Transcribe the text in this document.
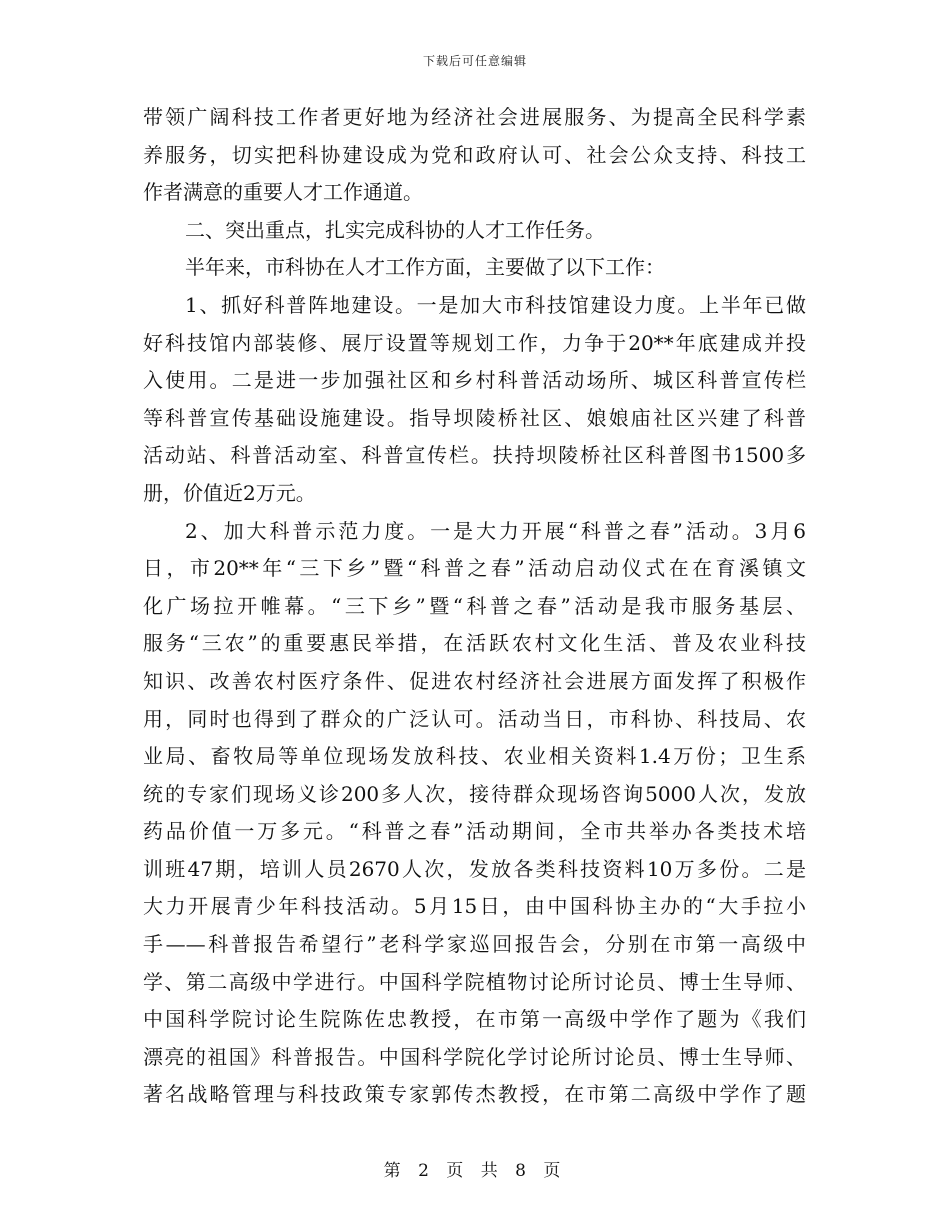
下载后可任意编辑
带领广阔科技工作者更好地为经济社会进展服务、为提高全民科学素
养服务，切实把科协建设成为党和政府认可、社会公众支持、科技工
作者满意的重要人才工作通道。
二、突出重点，扎实完成科协的人才工作任务。
半年来，市科协在人才工作方面，主要做了以下工作：
1、抓好科普阵地建设。一是加大市科技馆建设力度。上半年已做
好科技馆内部装修、展厅设置等规划工作，力争于20**年底建成并投
入使用。二是进一步加强社区和乡村科普活动场所、城区科普宣传栏
等科普宣传基础设施建设。指导坝陵桥社区、娘娘庙社区兴建了科普
活动站、科普活动室、科普宣传栏。扶持坝陵桥社区科普图书1500多
册，价值近2万元。
2、加大科普示范力度。一是大力开展“科普之春”活动。3月6
日，市20**年“三下乡”暨“科普之春”活动启动仪式在在育溪镇文
化广场拉开帷幕。“三下乡”暨“科普之春”活动是我市服务基层、
服务“三农”的重要惠民举措，在活跃农村文化生活、普及农业科技
知识、改善农村医疗条件、促进农村经济社会进展方面发挥了积极作
用，同时也得到了群众的广泛认可。活动当日，市科协、科技局、农
业局、畜牧局等单位现场发放科技、农业相关资料1.4万份；卫生系
统的专家们现场义诊200多人次，接待群众现场咨询5000人次，发放
药品价值一万多元。“科普之春”活动期间，全市共举办各类技术培
训班47期，培训人员2670人次，发放各类科技资料10万多份。二是
大力开展青少年科技活动。5月15日，由中国科协主办的“大手拉小
手——科普报告希望行”老科学家巡回报告会，分别在市第一高级中
学、第二高级中学进行。中国科学院植物讨论所讨论员、博士生导师、
中国科学院讨论生院陈佐忠教授，在市第一高级中学作了题为《我们
漂亮的祖国》科普报告。中国科学院化学讨论所讨论员、博士生导师、
著名战略管理与科技政策专家郭传杰教授，在市第二高级中学作了题
第 2 页 共 8 页
